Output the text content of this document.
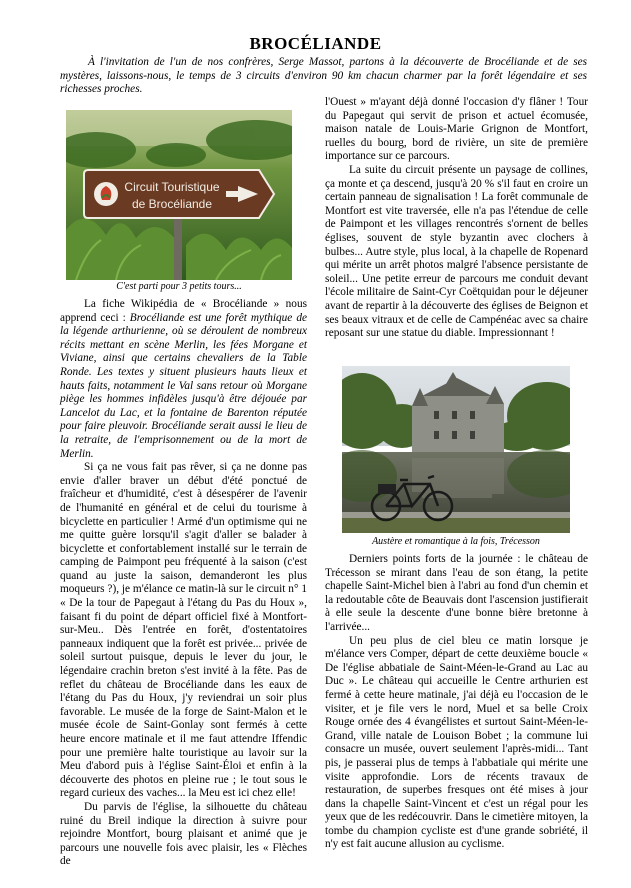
BROCÉLIANDE
À l'invitation de l'un de nos confrères, Serge Massot, partons à la découverte de Brocéliande et de ses mystères, laissons-nous, le temps de 3 circuits d'environ 90 km chacun charmer par la forêt légendaire et ses richesses proches.
Circuit Touristique
de Brocéliande
C'est parti pour 3 petits tours...

La fiche Wikipédia de « Brocéliande » nous apprend ceci : Brocéliande est une forêt mythique de la légende arthurienne, où se déroulent de nombreux récits mettant en scène Merlin, les fées Morgane et Viviane, ainsi que certains chevaliers de la Table Ronde. Les textes y situent plusieurs hauts lieux et hauts faits, notamment le Val sans retour où Morgane piège les hommes infidèles jusqu'à être déjouée par Lancelot du Lac, et la fontaine de Barenton réputée pour faire pleuvoir. Brocéliande serait aussi le lieu de la retraite, de l'emprisonnement ou de la mort de Merlin.

Si ça ne vous fait pas rêver, si ça ne donne pas envie d'aller braver un début d'été ponctué de fraîcheur et d'humidité, c'est à désespérer de l'avenir de l'humanité en général et de celui du tourisme à bicyclette en particulier ! Armé d'un optimisme qui ne me quitte guère lorsqu'il s'agit d'aller se balader à bicyclette et confortablement installé sur le terrain de camping de Paimpont peu fréquenté à la saison (c'est quand au juste la saison, demanderont les plus moqueurs ?), je m'élance ce matin-là sur le circuit n° 1 « De la tour de Papegaut à l'étang du Pas du Houx », faisant fi du point de départ officiel fixé à Montfort-sur-Meu.. Dès l'entrée en forêt, d'ostentatoires panneaux indiquent que la forêt est privée... privée de soleil surtout puisque, depuis le lever du jour, le légendaire crachin breton s'est invité à la fête. Pas de reflet du château de Brocéliande dans les eaux de l'étang du Pas du Houx, j'y reviendrai un soir plus favorable. Le musée de la forge de Saint-Malon et le musée école de Saint-Gonlay sont fermés à cette heure encore matinale et il me faut attendre Iffendic pour une première halte touristique au lavoir sur la Meu d'abord puis à l'église Saint-Éloi et enfin à la découverte des photos en pleine rue ; le tout sous le regard curieux des vaches... la Meu est ici chez elle!

Du parvis de l'église, la silhouette du château ruiné du Breil indique la direction à suivre pour rejoindre Montfort, bourg plaisant et animé que je parcours une nouvelle fois avec plaisir, les « Flèches de

l'Ouest » m'ayant déjà donné l'occasion d'y flâner ! Tour du Papegaut qui servit de prison et actuel écomusée, maison natale de Louis-Marie Grignon de Montfort, ruelles du bourg, bord de rivière, un site de première importance sur ce parcours.

La suite du circuit présente un paysage de collines, ça monte et ça descend, jusqu'à 20 % s'il faut en croire un certain panneau de signalisation ! La forêt communale de Montfort est vite traversée, elle n'a pas l'étendue de celle de Paimpont et les villages rencontrés s'ornent de belles églises, souvent de style byzantin avec clochers à bulbes... Autre style, plus local, à la chapelle de Ropenard qui mérite un arrêt photos malgré l'absence persistante de soleil... Une petite erreur de parcours me conduit devant l'école militaire de Saint-Cyr Coëtquidan pour le déjeuner avant de repartir à la découverte des églises de Beignon et ses beaux vitraux et de celle de Campénéac avec sa chaire reposant sur une statue du diable. Impressionnant !

Austère et romantique à la fois, Trécesson

Derniers points forts de la journée : le château de Trécesson se mirant dans l'eau de son étang, la petite chapelle Saint-Michel bien à l'abri au fond d'un chemin et la redoutable côte de Beauvais dont l'ascension justifierait à elle seule la descente d'une bonne bière bretonne à l'arrivée...

Un peu plus de ciel bleu ce matin lorsque je m'élance vers Comper, départ de cette deuxième boucle « De l'église abbatiale de Saint-Méen-le-Grand au Lac au Duc ». Le château qui accueille le Centre arthurien est fermé à cette heure matinale, j'ai déjà eu l'occasion de le visiter, et je file vers le nord, Muel et sa belle Croix Rouge ornée des 4 évangélistes et surtout Saint-Méen-le-Grand, ville natale de Louison Bobet ; la commune lui consacre un musée, ouvert seulement l'après-midi... Tant pis, je passerai plus de temps à l'abbatiale qui mérite une visite approfondie. Lors de récents travaux de restauration, de superbes fresques ont été mises à jour dans la chapelle Saint-Vincent et c'est un régal pour les yeux que de les redécouvrir. Dans le cimetière mitoyen, la tombe du champion cycliste est d'une grande sobriété, il n'y est fait aucune allusion au cyclisme.
